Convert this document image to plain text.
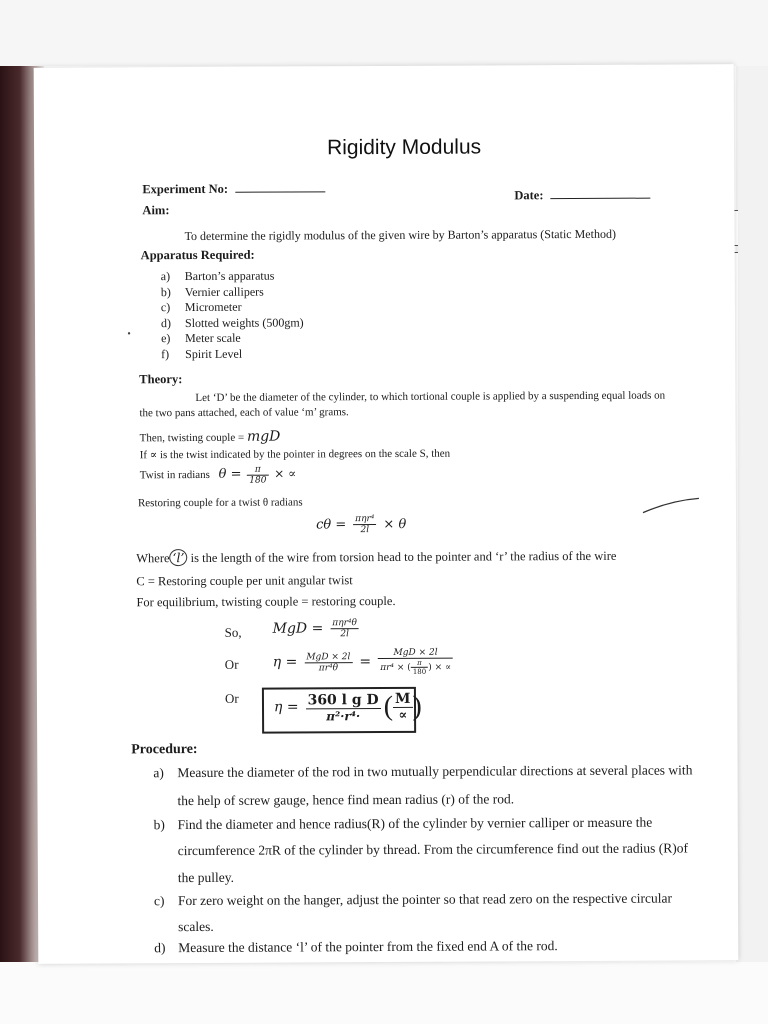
Rigidity Modulus
Experiment No:	Date:
Aim:
To determine the rigidly modulus of the given wire by Barton’s apparatus (Static Method)
Apparatus Required:
a) Barton’s apparatus
b) Vernier callipers
c) Micrometer
d) Slotted weights (500gm)
e) Meter scale
f) Spirit Level
Theory:
Let ‘D’ be the diameter of the cylinder, to which tortional couple is applied by a suspending equal loads on
the two pans attached, each of value ‘m’ grams.
Then, twisting couple = mgD
If ∝ is the twist indicated by the pointer in degrees on the scale S, then
Twist in radians $\theta = \frac{\pi}{180}$ × ∝
Restoring couple for a twist θ radians
$c\theta = \frac{\text{πηr⁴}}{2l} \times \theta$
Where ‘l’ is the length of the wire from torsion head to the pointer and ‘r’ the radius of the wire
C = Restoring couple per unit angular twist
For equilibrium, twisting couple = restoring couple.
So, MgD = $\frac{\text{πηr⁴θ}}{2l}$
Or $\eta = \frac{\text{MgD × 2l}}{\text{πr⁴θ}} = \frac{\text{MgD × 2l}}{\pi r^4 \times ( \frac{\pi}{180} ) \times \propto}$
Or
$\eta = \frac{\text{360 l g D}}{\text{π²·r⁴·}}$ ( $\frac{M}{\propto}$ )
Procedure:
a) Measure the diameter of the rod in two mutually perpendicular directions at several places with
the help of screw gauge, hence find mean radius (r) of the rod.
b) Find the diameter and hence radius(R) of the cylinder by vernier calliper or measure the
circumference 2πR of the cylinder by thread. From the circumference find out the radius (R)of
the pulley.
c) For zero weight on the hanger, adjust the pointer so that read zero on the respective circular
scales.
d) Measure the distance ‘l’ of the pointer from the fixed end A of the rod.
